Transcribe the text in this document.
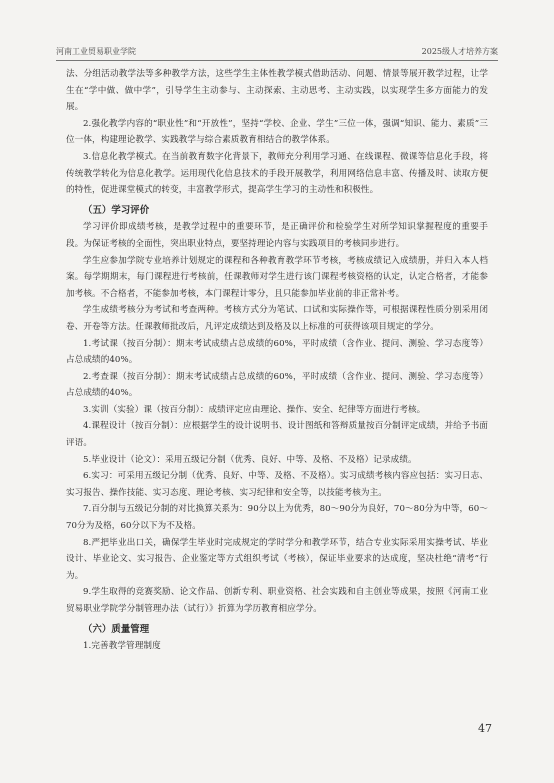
河南工业贸易职业学院	2025级人才培养方案

法、分组活动教学法等多种教学方法，这些学生主体性教学模式借助活动、问题、情景等展开教学过程，让学生在“学中做、做中学”，引导学生主动参与、主动探索、主动思考、主动实践，以实现学生多方面能力的发展。

2.强化教学内容的“职业性”和“开放性”，坚持“学校、企业、学生”三位一体，强调“知识、能力、素质”三位一体，构建理论教学、实践教学与综合素质教育相结合的教学体系。

3.信息化教学模式。在当前教育数字化背景下，教师充分利用学习通、在线课程、微课等信息化手段，将传统教学转化为信息化教学。运用现代化信息技术的手段开展教学，利用网络信息丰富、传播及时、读取方便的特性，促进课堂模式的转变，丰富教学形式，提高学生学习的主动性和积极性。

（五）学习评价

学习评价即成绩考核，是教学过程中的重要环节，是正确评价和检验学生对所学知识掌握程度的重要手段。为保证考核的全面性，突出职业特点，要坚持理论内容与实践项目的考核同步进行。

学生应参加学院专业培养计划规定的课程和各种教育教学环节考核，考核成绩记入成绩册，并归入本人档案。每学期期末，每门课程进行考核前，任课教师对学生进行该门课程考核资格的认定，认定合格者，才能参加考核。不合格者，不能参加考核，本门课程计零分，且只能参加毕业前的非正常补考。

学生成绩考核分为考试和考查两种。考核方式分为笔试、口试和实际操作等，可根据课程性质分别采用闭卷、开卷等方法。任课教师批改后，凡评定成绩达到及格及以上标准的可获得该项目规定的学分。

1.考试课（按百分制）：期末考试成绩占总成绩的60%，平时成绩（含作业、提问、测验、学习态度等）占总成绩的40%。

2.考查课（按百分制）：期末考试成绩占总成绩的60%，平时成绩（含作业、提问、测验、学习态度等）占总成绩的40%。

3.实训（实验）课（按百分制）：成绩评定应由理论、操作、安全、纪律等方面进行考核。

4.课程设计（按百分制）：应根据学生的设计说明书、设计图纸和答辩质量按百分制评定成绩，并给予书面评语。

5.毕业设计（论文）：采用五级记分制（优秀、良好、中等、及格、不及格）记录成绩。

6.实习：可采用五级记分制（优秀、良好、中等、及格、不及格）。实习成绩考核内容应包括：实习日志、实习报告、操作技能、实习态度、理论考核、实习纪律和安全等，以技能考核为主。

7.百分制与五级记分制的对比换算关系为：90分以上为优秀，80～90分为良好，70～80分为中等，60～70分为及格，60分以下为不及格。

8.严把毕业出口关，确保学生毕业时完成规定的学时学分和教学环节，结合专业实际采用实操考试、毕业设计、毕业论文、实习报告、企业鉴定等方式组织考试（考核），保证毕业要求的达成度，坚决杜绝“清考”行为。

9.学生取得的竞赛奖励、论文作品、创新专利、职业资格、社会实践和自主创业等成果，按照《河南工业贸易职业学院学分制管理办法（试行）》折算为学历教育相应学分。

（六）质量管理

1.完善教学管理制度

47
